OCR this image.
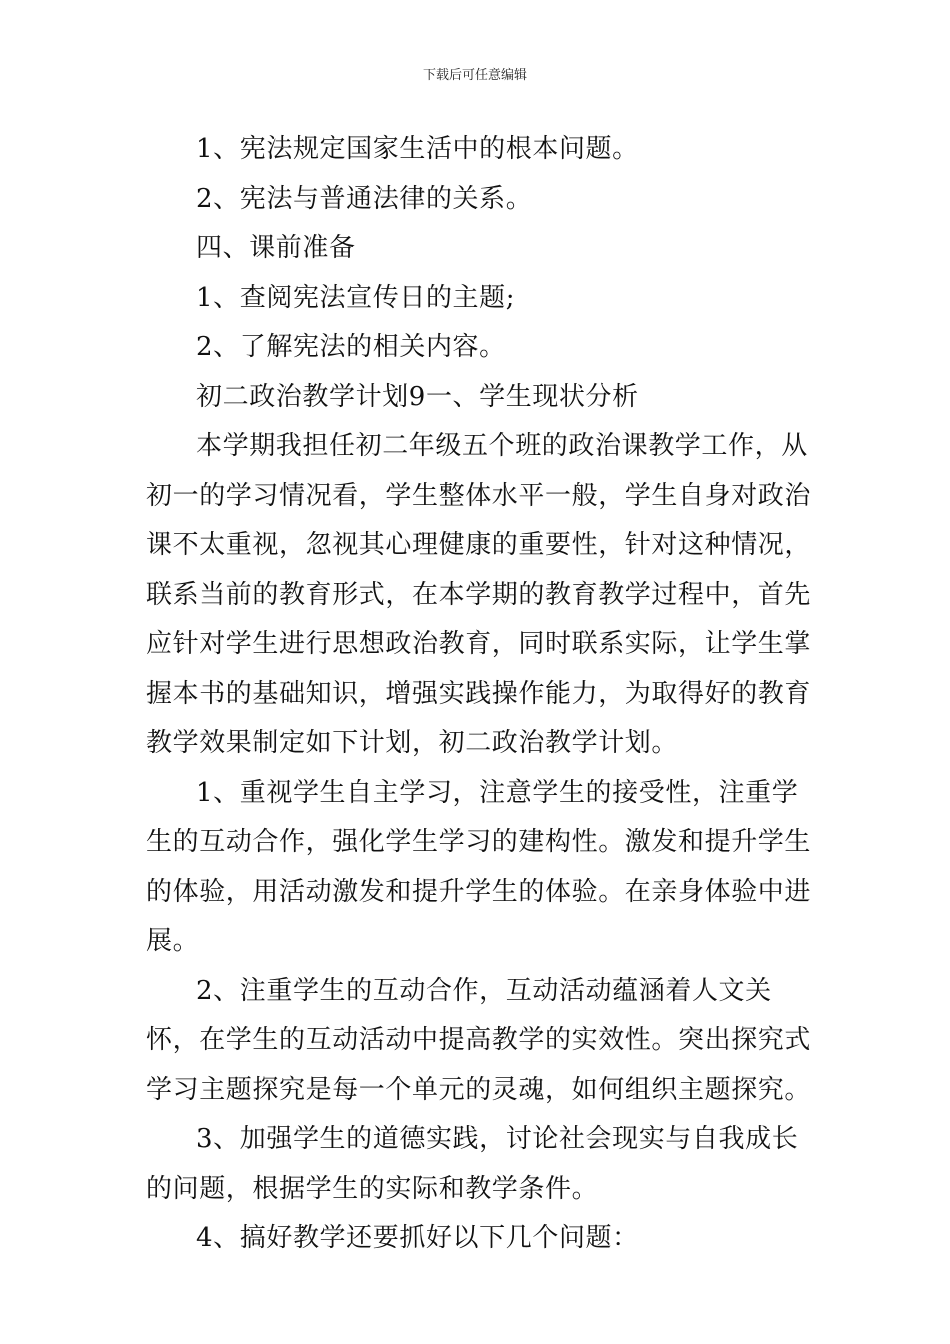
下载后可任意编辑

1、宪法规定国家生活中的根本问题。

2、宪法与普通法律的关系。

四、课前准备

1、查阅宪法宣传日的主题;

2、了解宪法的相关内容。

初二政治教学计划9一、学生现状分析

本学期我担任初二年级五个班的政治课教学工作，从初一的学习情况看，学生整体水平一般，学生自身对政治课不太重视，忽视其心理健康的重要性，针对这种情况，联系当前的教育形式，在本学期的教育教学过程中，首先应针对学生进行思想政治教育，同时联系实际，让学生掌握本书的基础知识，增强实践操作能力，为取得好的教育教学效果制定如下计划，初二政治教学计划。

1、重视学生自主学习，注意学生的接受性，注重学生的互动合作，强化学生学习的建构性。激发和提升学生的体验，用活动激发和提升学生的体验。在亲身体验中进展。

2、注重学生的互动合作，互动活动蕴涵着人文关怀，在学生的互动活动中提高教学的实效性。突出探究式学习主题探究是每一个单元的灵魂，如何组织主题探究。

3、加强学生的道德实践，讨论社会现实与自我成长的问题，根据学生的实际和教学条件。

4、搞好教学还要抓好以下几个问题：
